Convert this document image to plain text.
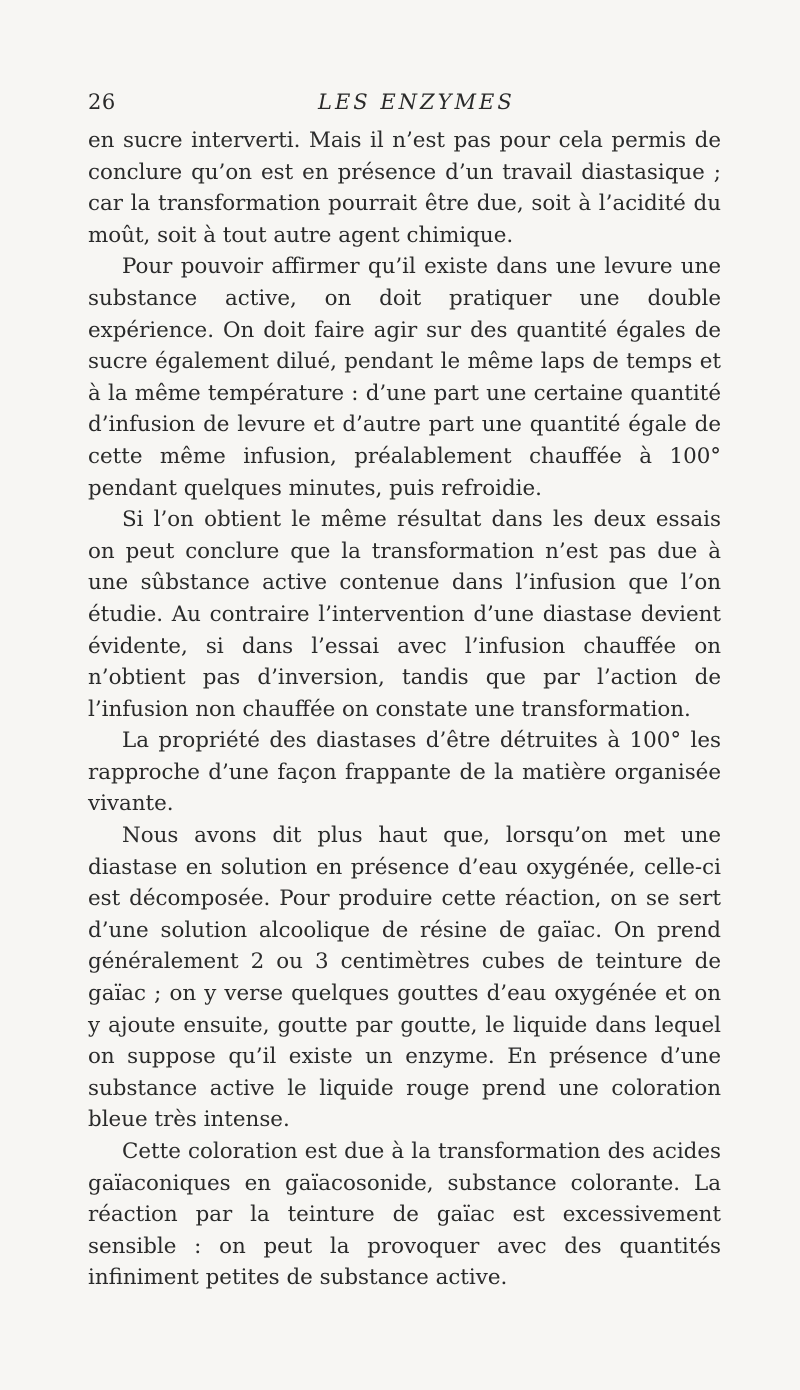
26	LES ENZYMES

en sucre interverti. Mais il n’est pas pour cela permis de conclure qu’on est en présence d’un travail diastasique ; car la transformation pourrait être due, soit à l’acidité du moût, soit à tout autre agent chimique.

Pour pouvoir affirmer qu’il existe dans une levure une substance active, on doit pratiquer une double expérience. On doit faire agir sur des quantité égales de sucre également dilué, pendant le même laps de temps et à la même température : d’une part une certaine quantité d’infusion de levure et d’autre part une quantité égale de cette même infusion, préalablement chauffée à 100° pendant quelques minutes, puis refroidie.

Si l’on obtient le même résultat dans les deux essais on peut conclure que la transformation n’est pas due à une sûbstance active contenue dans l’infusion que l’on étudie. Au contraire l’intervention d’une diastase devient évidente, si dans l’essai avec l’infusion chauffée on n’obtient pas d’inversion, tandis que par l’action de l’infusion non chauffée on constate une transformation.

La propriété des diastases d’être détruites à 100° les rapproche d’une façon frappante de la matière organisée vivante.

Nous avons dit plus haut que, lorsqu’on met une diastase en solution en présence d’eau oxygénée, celle-ci est décomposée. Pour produire cette réaction, on se sert d’une solution alcoolique de résine de gaïac. On prend généralement 2 ou 3 centimètres cubes de teinture de gaïac ; on y verse quelques gouttes d’eau oxygénée et on y ajoute ensuite, goutte par goutte, le liquide dans lequel on suppose qu’il existe un enzyme. En présence d’une substance active le liquide rouge prend une coloration bleue très intense.

Cette coloration est due à la transformation des acides gaïaconiques en gaïacosonide, substance colorante. La réaction par la teinture de gaïac est excessivement sensible : on peut la provoquer avec des quantités infiniment petites de substance active.
